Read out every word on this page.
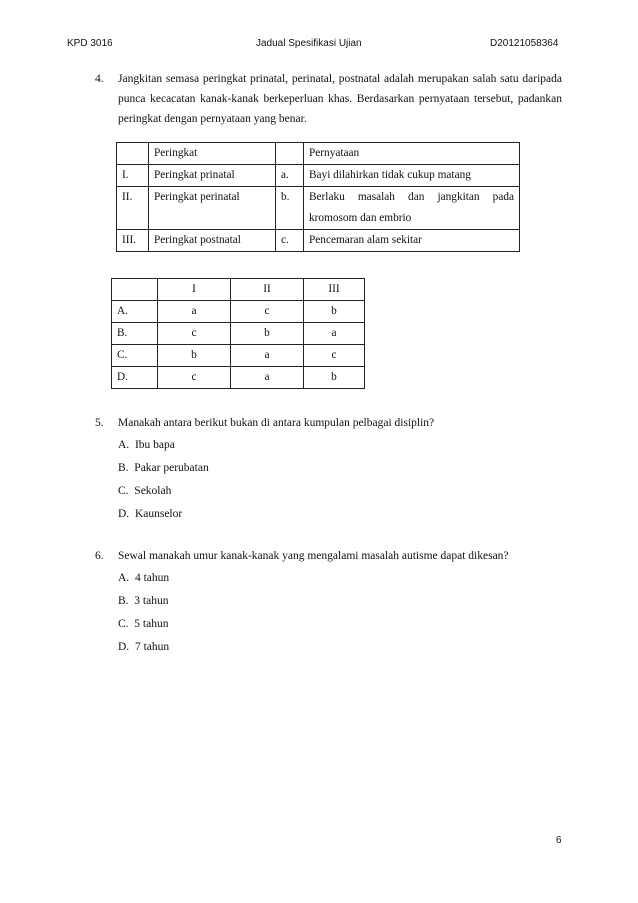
KPD 3016	Jadual Spesifikasi Ujian	D20121058364
4. Jangkitan semasa peringkat prinatal, perinatal, postnatal adalah merupakan salah satu daripada punca kecacatan kanak-kanak berkeperluan khas. Berdasarkan pernyataan tersebut, padankan peringkat dengan pernyataan yang benar.
	Peringkat		Pernyataan
I.	Peringkat prinatal	a.	Bayi dilahirkan tidak cukup matang
II.	Peringkat perinatal	b.	Berlaku masalah dan jangkitan pada kromosom dan embrio
III.	Peringkat postnatal	c.	Pencemaran alam sekitar
	I	II	III
A.	a	c	b
B.	c	b	a
C.	b	a	c
D.	c	a	b
5. Manakah antara berikut bukan di antara kumpulan pelbagai disiplin?
A. Ibu bapa
B. Pakar perubatan
C. Sekolah
D. Kaunselor
6. Sewal manakah umur kanak-kanak yang mengalami masalah autisme dapat dikesan?
A. 4 tahun
B. 3 tahun
C. 5 tahun
D. 7 tahun
6
